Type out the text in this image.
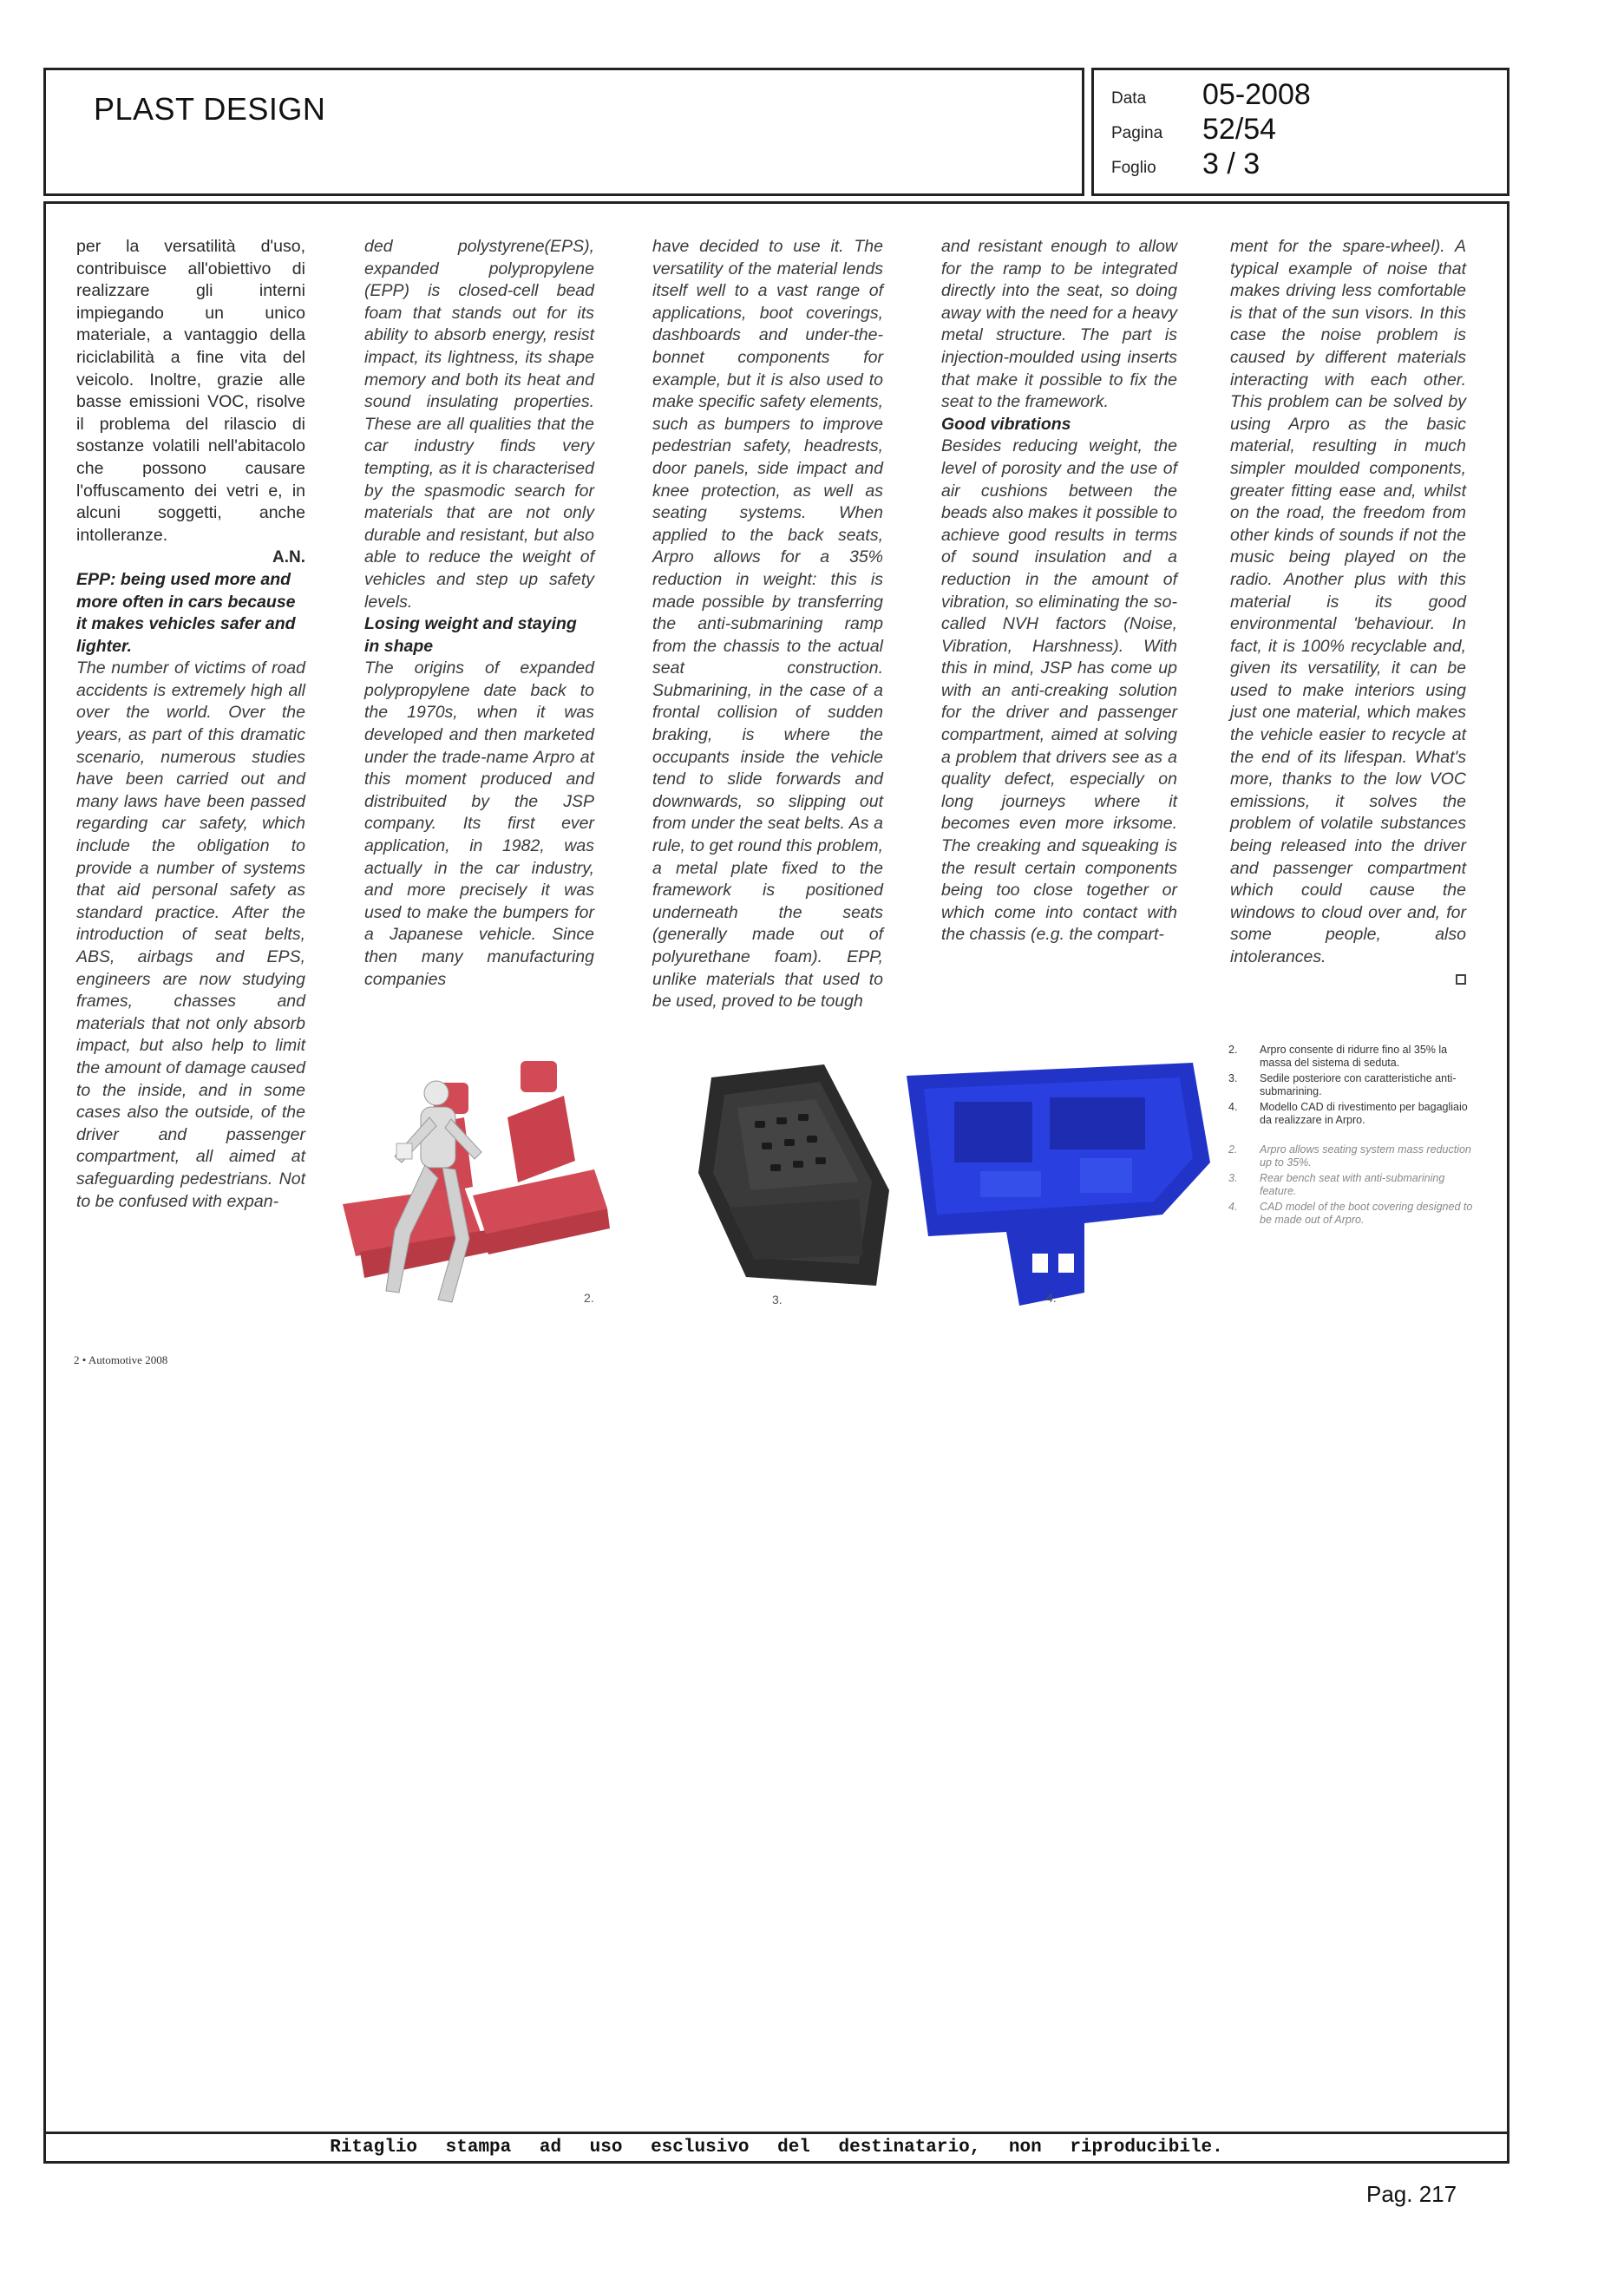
PLAST DESIGN	Data 05-2008
Pagina 52/54
Foglio 3 / 3

per la versatilità d'uso, contribuisce all'obiettivo di realizzare gli interni impiegando un unico materiale, a vantaggio della riciclabilità a fine vita del veicolo. Inoltre, grazie alle basse emissioni VOC, risolve il problema del rilascio di sostanze volatili nell'abitacolo che possono causare l'offuscamento dei vetri e, in alcuni soggetti, anche intolleranze.

A.N.

EPP: being used more and more often in cars because it makes vehicles safer and lighter.

The number of victims of road accidents is extremely high all over the world. Over the years, as part of this dramatic scenario, numerous studies have been carried out and many laws have been passed regarding car safety, which include the obligation to provide a number of systems that aid personal safety as standard practice. After the introduction of seat belts, ABS, airbags and EPS, engineers are now studying frames, chasses and materials that not only absorb impact, but also help to limit the amount of damage caused to the inside, and in some cases also the outside, of the driver and passenger compartment, all aimed at safeguarding pedestrians. Not to be confused with expan-

ded polystyrene(EPS), expanded polypropylene (EPP) is closed-cell bead foam that stands out for its ability to absorb energy, resist impact, its lightness, its shape memory and both its heat and sound insulating properties. These are all qualities that the car industry finds very tempting, as it is characterised by the spasmodic search for materials that are not only durable and resistant, but also able to reduce the weight of vehicles and step up safety levels.

Losing weight and staying in shape

The origins of expanded polypropylene date back to the 1970s, when it was developed and then marketed under the trade-name Arpro at this moment produced and distribuited by the JSP company. Its first ever application, in 1982, was actually in the car industry, and more precisely it was used to make the bumpers for a Japanese vehicle. Since then many manufacturing companies

have decided to use it. The versatility of the material lends itself well to a vast range of applications, boot coverings, dashboards and under-the-bonnet components for example, but it is also used to make specific safety elements, such as bumpers to improve pedestrian safety, headrests, door panels, side impact and knee protection, as well as seating systems. When applied to the back seats, Arpro allows for a 35% reduction in weight: this is made possible by transferring the anti-submarining ramp from the chassis to the actual seat construction. Submarining, in the case of a frontal collision of sudden braking, is where the occupants inside the vehicle tend to slide forwards and downwards, so slipping out from under the seat belts. As a rule, to get round this problem, a metal plate fixed to the framework is positioned underneath the seats (generally made out of polyurethane foam). EPP, unlike materials that used to be used, proved to be tough

and resistant enough to allow for the ramp to be integrated directly into the seat, so doing away with the need for a heavy metal structure. The part is injection-moulded using inserts that make it possible to fix the seat to the framework.

Good vibrations

Besides reducing weight, the level of porosity and the use of air cushions between the beads also makes it possible to achieve good results in terms of sound insulation and a reduction in the amount of vibration, so eliminating the so-called NVH factors (Noise, Vibration, Harshness). With this in mind, JSP has come up with an anti-creaking solution for the driver and passenger compartment, aimed at solving a problem that drivers see as a quality defect, especially on long journeys where it becomes even more irksome. The creaking and squeaking is the result certain components being too close together or which come into contact with the chassis (e.g. the compart-

ment for the spare-wheel). A typical example of noise that makes driving less comfortable is that of the sun visors. In this case the noise problem is caused by different materials interacting with each other. This problem can be solved by using Arpro as the basic material, resulting in much simpler moulded components, greater fitting ease and, whilst on the road, the freedom from other kinds of sounds if not the music being played on the radio. Another plus with this material is its good environmental 'behaviour. In fact, it is 100% recyclable and, given its versatility, it can be used to make interiors using just one material, which makes the vehicle easier to recycle at the end of its lifespan. What's more, thanks to the low VOC emissions, it solves the problem of volatile substances being released into the driver and passenger compartment which could cause the windows to cloud over and, for some people, also intolerances.

2.	3.	4.
2. Arpro consente di ridurre fino al 35% la massa del sistema di seduta.
3. Sedile posteriore con caratteristiche anti-submarining.
4. Modello CAD di rivestimento per bagagliaio da realizzare in Arpro.
2. Arpro allows seating system mass reduction up to 35%.
3. Rear bench seat with anti-submarining feature.
4. CAD model of the boot covering designed to be made out of Arpro.
2 • Automotive 2008
Ritaglio stampa ad uso esclusivo del destinatario, non riproducibile.
Pag. 217
